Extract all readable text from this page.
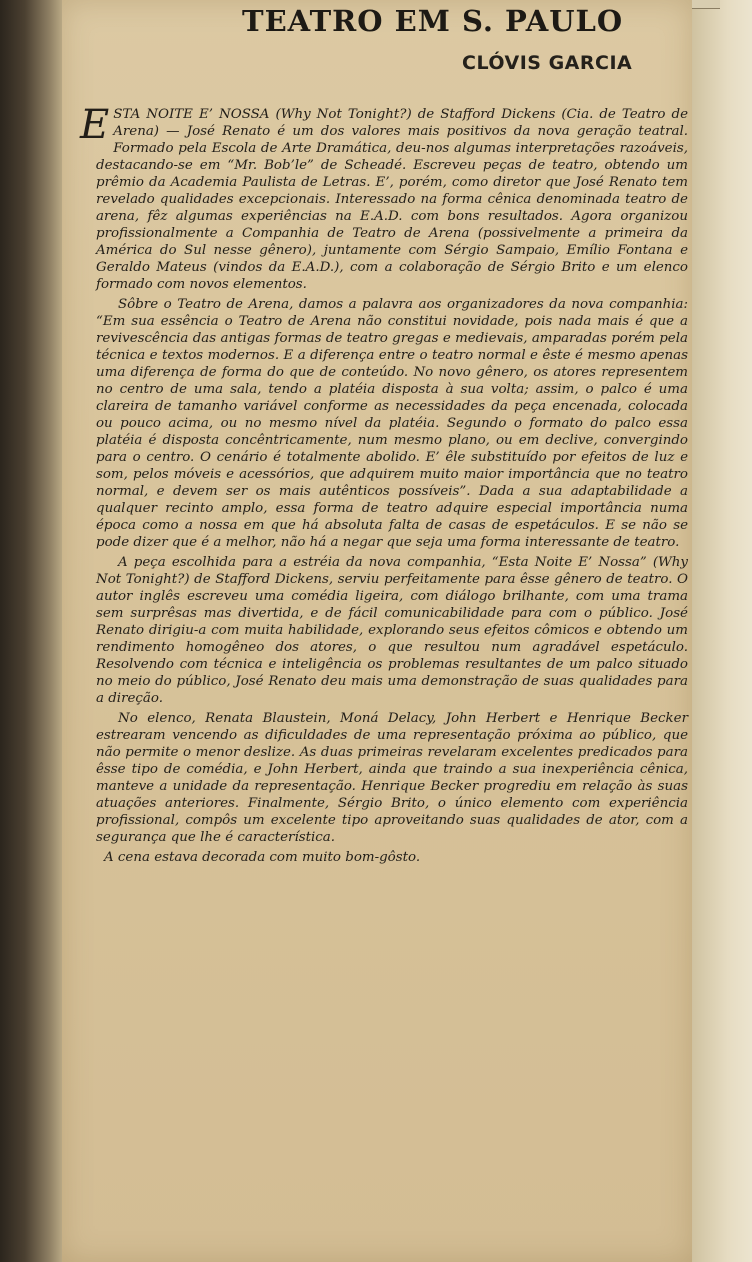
TEATRO EM S. PAULO
CLÓVIS GARCIA

ESTA NOITE E’ NOSSA (Why Not Tonight?) de Stafford Dickens (Cia. de Teatro de Arena) — José Renato é um dos valores mais positivos da nova geração teatral. Formado pela Escola de Arte Dramática, deu-nos algumas interpretações razoáveis, destacando-se em “Mr. Bob’le” de Scheadé. Escreveu peças de teatro, obtendo um prêmio da Academia Paulista de Letras. E’, porém, como diretor que José Renato tem revelado qualidades excepcionais. Interessado na forma cênica denominada teatro de arena, fêz algumas experiências na E.A.D. com bons resultados. Agora organizou profissionalmente a Companhia de Teatro de Arena (possivelmente a primeira da América do Sul nesse gênero), juntamente com Sérgio Sampaio, Emílio Fontana e Geraldo Mateus (vindos da E.A.D.), com a colaboração de Sérgio Brito e um elenco formado com novos elementos.

Sôbre o Teatro de Arena, damos a palavra aos organizadores da nova companhia: “Em sua essência o Teatro de Arena não constitui novidade, pois nada mais é que a revivescência das antigas formas de teatro gregas e medievais, amparadas porém pela técnica e textos modernos. E a diferença entre o teatro normal e êste é mesmo apenas uma diferença de forma do que de conteúdo. No novo gênero, os atores representem no centro de uma sala, tendo a platéia disposta à sua volta; assim, o palco é uma clareira de tamanho variável conforme as necessidades da peça encenada, colocada ou pouco acima, ou no mesmo nível da platéia. Segundo o formato do palco essa platéia é disposta concêntricamente, num mesmo plano, ou em declive, convergindo para o centro. O cenário é totalmente abolido. E’ êle substituído por efeitos de luz e som, pelos móveis e acessórios, que adquirem muito maior importância que no teatro normal, e devem ser os mais autênticos possíveis”. Dada a sua adaptabilidade a qualquer recinto amplo, essa forma de teatro adquire especial importância numa época como a nossa em que há absoluta falta de casas de espetáculos. E se não se pode dizer que é a melhor, não há a negar que seja uma forma interessante de teatro.

A peça escolhida para a estréia da nova companhia, “Esta Noite E’ Nossa” (Why Not Tonight?) de Stafford Dickens, serviu perfeitamente para êsse gênero de teatro. O autor inglês escreveu uma comédia ligeira, com diálogo brilhante, com uma trama sem surprêsas mas divertida, e de fácil comunicabilidade para com o público. José Renato dirigiu-a com muita habilidade, explorando seus efeitos cômicos e obtendo um rendimento homogêneo dos atores, o que resultou num agradável espetáculo. Resolvendo com técnica e inteligência os problemas resultantes de um palco situado no meio do público, José Renato deu mais uma demonstração de suas qualidades para a direção.

No elenco, Renata Blaustein, Moná Delacy, John Herbert e Henrique Becker estrearam vencendo as dificuldades de uma representação próxima ao público, que não permite o menor deslize. As duas primeiras revelaram excelentes predicados para êsse tipo de comédia, e John Herbert, ainda que traindo a sua inexperiência cênica, manteve a unidade da representação. Henrique Becker progrediu em relação às suas atuações anteriores. Finalmente, Sérgio Brito, o único elemento com experiência profissional, compôs um excelente tipo aproveitando suas qualidades de ator, com a segurança que lhe é característica.

A cena estava decorada com muito bom-gôsto.
